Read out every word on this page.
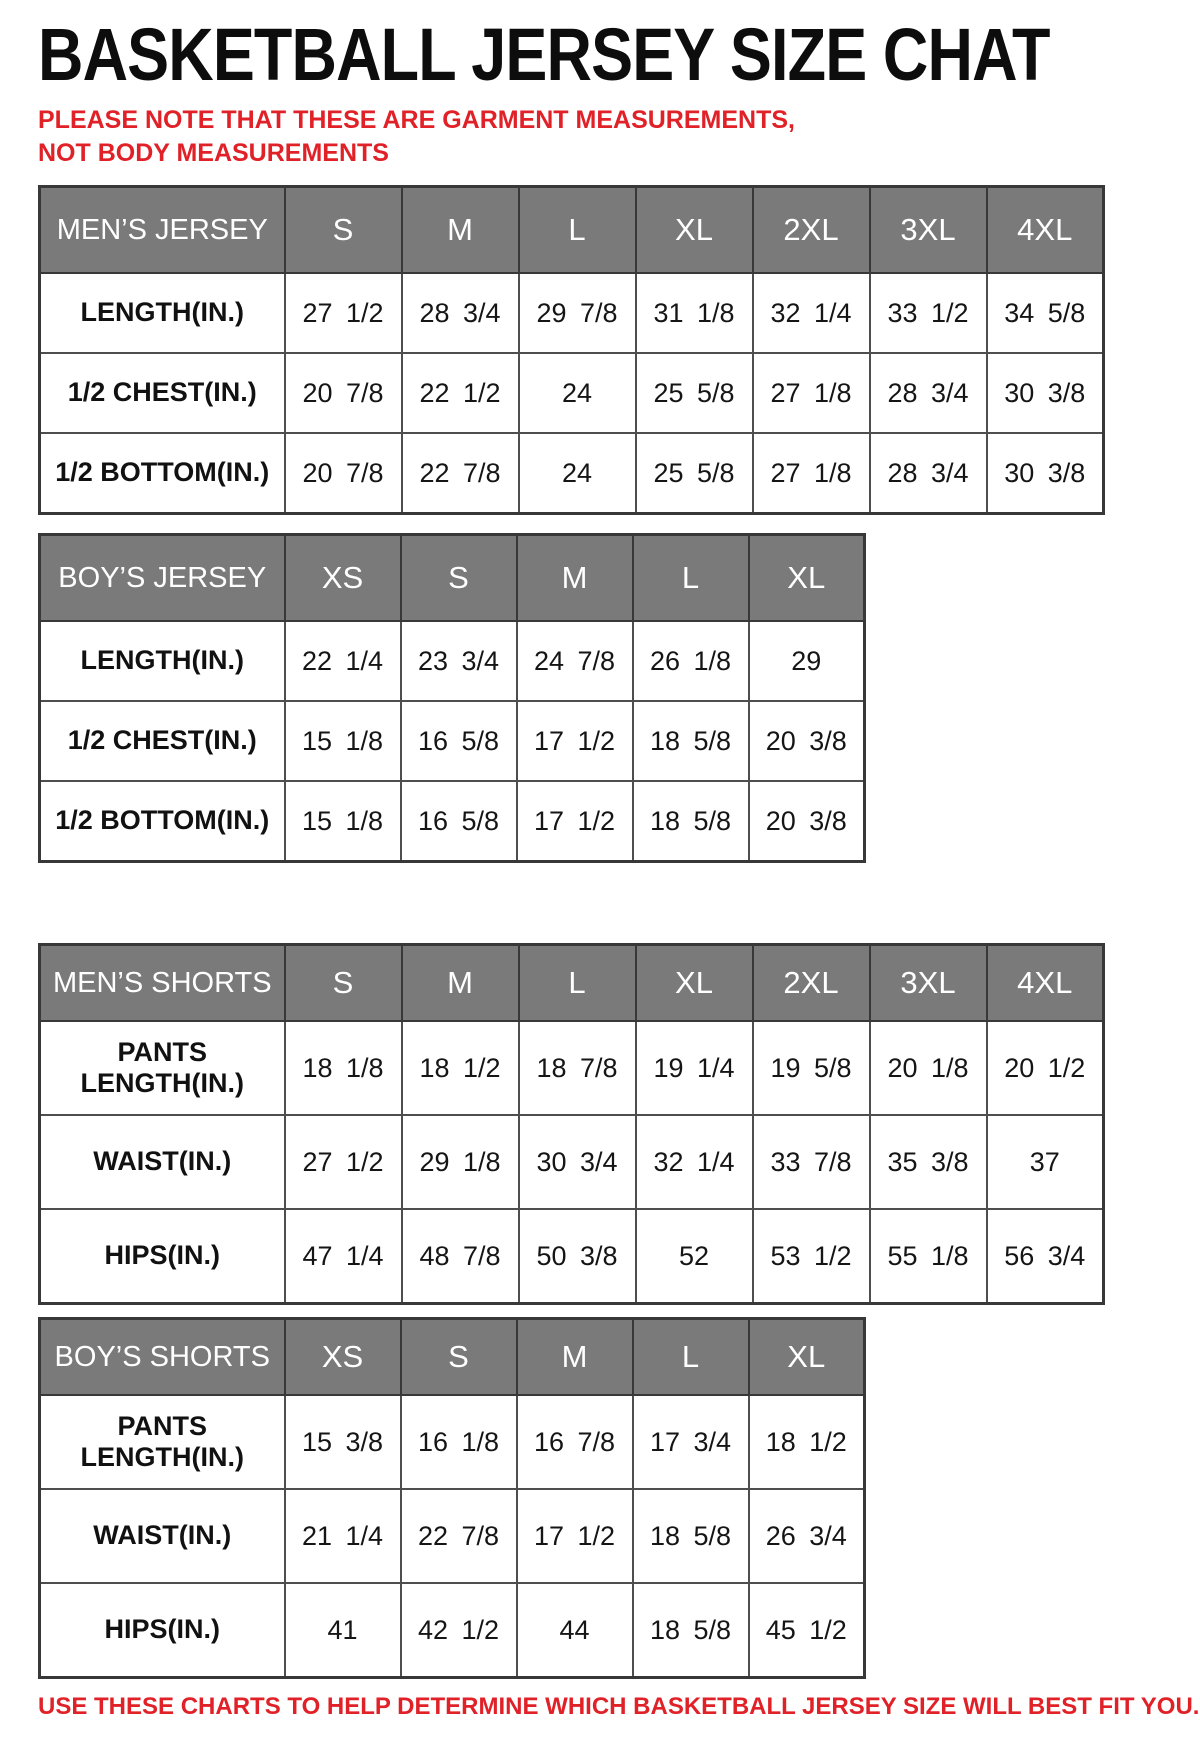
BASKETBALL JERSEY SIZE CHAT

PLEASE NOTE THAT THESE ARE GARMENT MEASUREMENTS, NOT BODY MEASUREMENTS

MEN’S JERSEY	S	M	L	XL	2XL	3XL	4XL
LENGTH(IN.)	27 1/2	28 3/4	29 7/8	31 1/8	32 1/4	33 1/2	34 5/8
1/2 CHEST(IN.)	20 7/8	22 1/2	24	25 5/8	27 1/8	28 3/4	30 3/8
1/2 BOTTOM(IN.)	20 7/8	22 7/8	24	25 5/8	27 1/8	28 3/4	30 3/8
BOY’S JERSEY	XS	S	M	L	XL
LENGTH(IN.)	22 1/4	23 3/4	24 7/8	26 1/8	29
1/2 CHEST(IN.)	15 1/8	16 5/8	17 1/2	18 5/8	20 3/8
1/2 BOTTOM(IN.)	15 1/8	16 5/8	17 1/2	18 5/8	20 3/8
MEN’S SHORTS	S	M	L	XL	2XL	3XL	4XL
PANTS LENGTH(IN.)	18 1/8	18 1/2	18 7/8	19 1/4	19 5/8	20 1/8	20 1/2
WAIST(IN.)	27 1/2	29 1/8	30 3/4	32 1/4	33 7/8	35 3/8	37
HIPS(IN.)	47 1/4	48 7/8	50 3/8	52	53 1/2	55 1/8	56 3/4
BOY’S SHORTS	XS	S	M	L	XL
PANTS LENGTH(IN.)	15 3/8	16 1/8	16 7/8	17 3/4	18 1/2
WAIST(IN.)	21 1/4	22 7/8	17 1/2	18 5/8	26 3/4
HIPS(IN.)	41	42 1/2	44	18 5/8	45 1/2

USE THESE CHARTS TO HELP DETERMINE WHICH BASKETBALL JERSEY SIZE WILL BEST FIT YOU.
